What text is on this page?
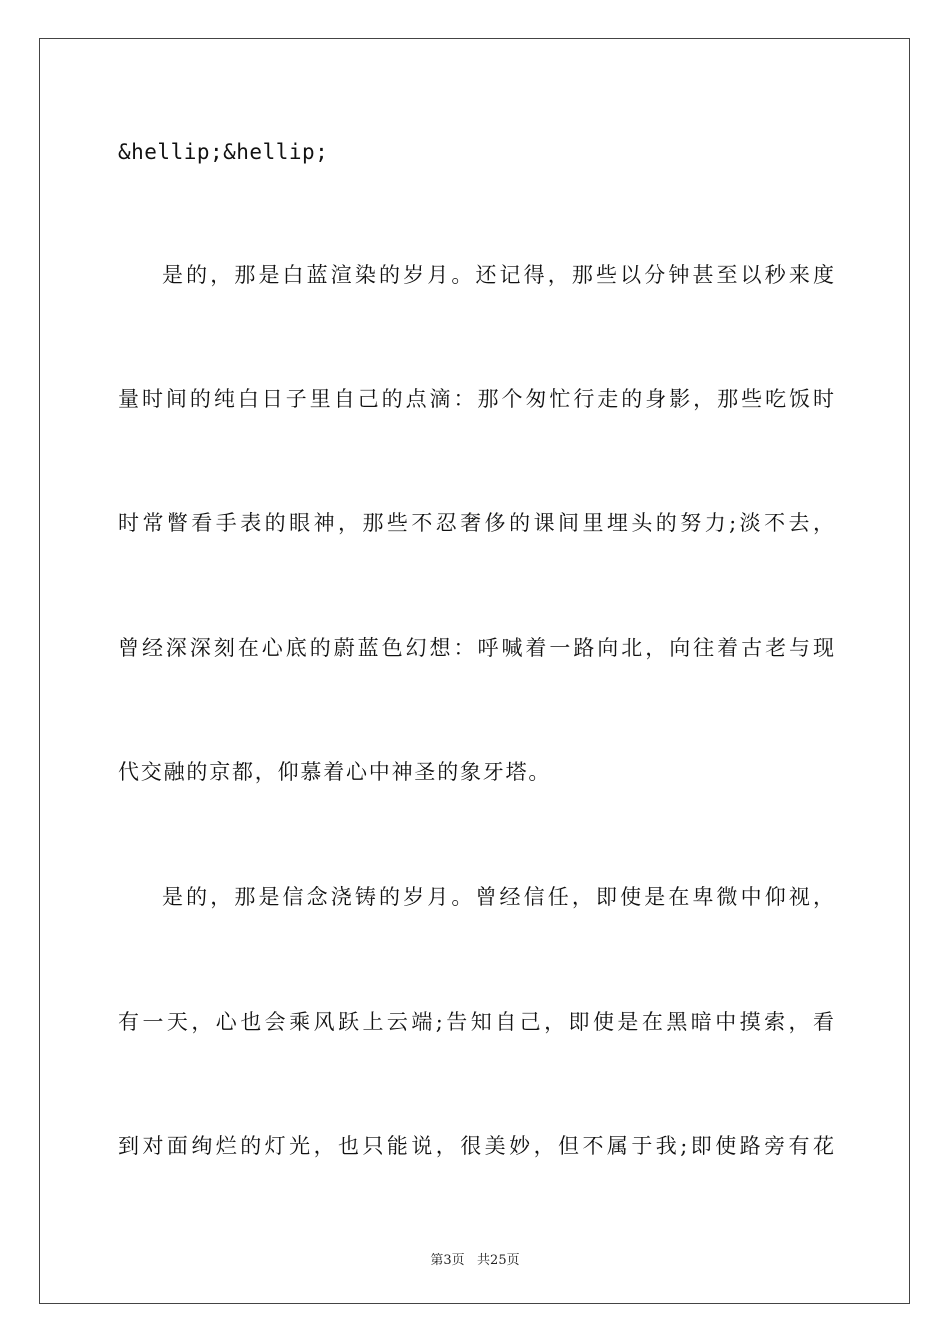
&hellip;&hellip;
是的，那是白蓝渲染的岁月。还记得，那些以分钟甚至以秒来度
量时间的纯白日子里自己的点滴：那个匆忙行走的身影，那些吃饭时
时常瞥看手表的眼神，那些不忍奢侈的课间里埋头的努力;淡不去，
曾经深深刻在心底的蔚蓝色幻想：呼喊着一路向北，向往着古老与现
代交融的京都，仰慕着心中神圣的象牙塔。
是的，那是信念浇铸的岁月。曾经信任，即使是在卑微中仰视，
有一天，心也会乘风跃上云端;告知自己，即使是在黑暗中摸索，看
到对面绚烂的灯光，也只能说，很美妙，但不属于我;即使路旁有花
第3页   共25页
